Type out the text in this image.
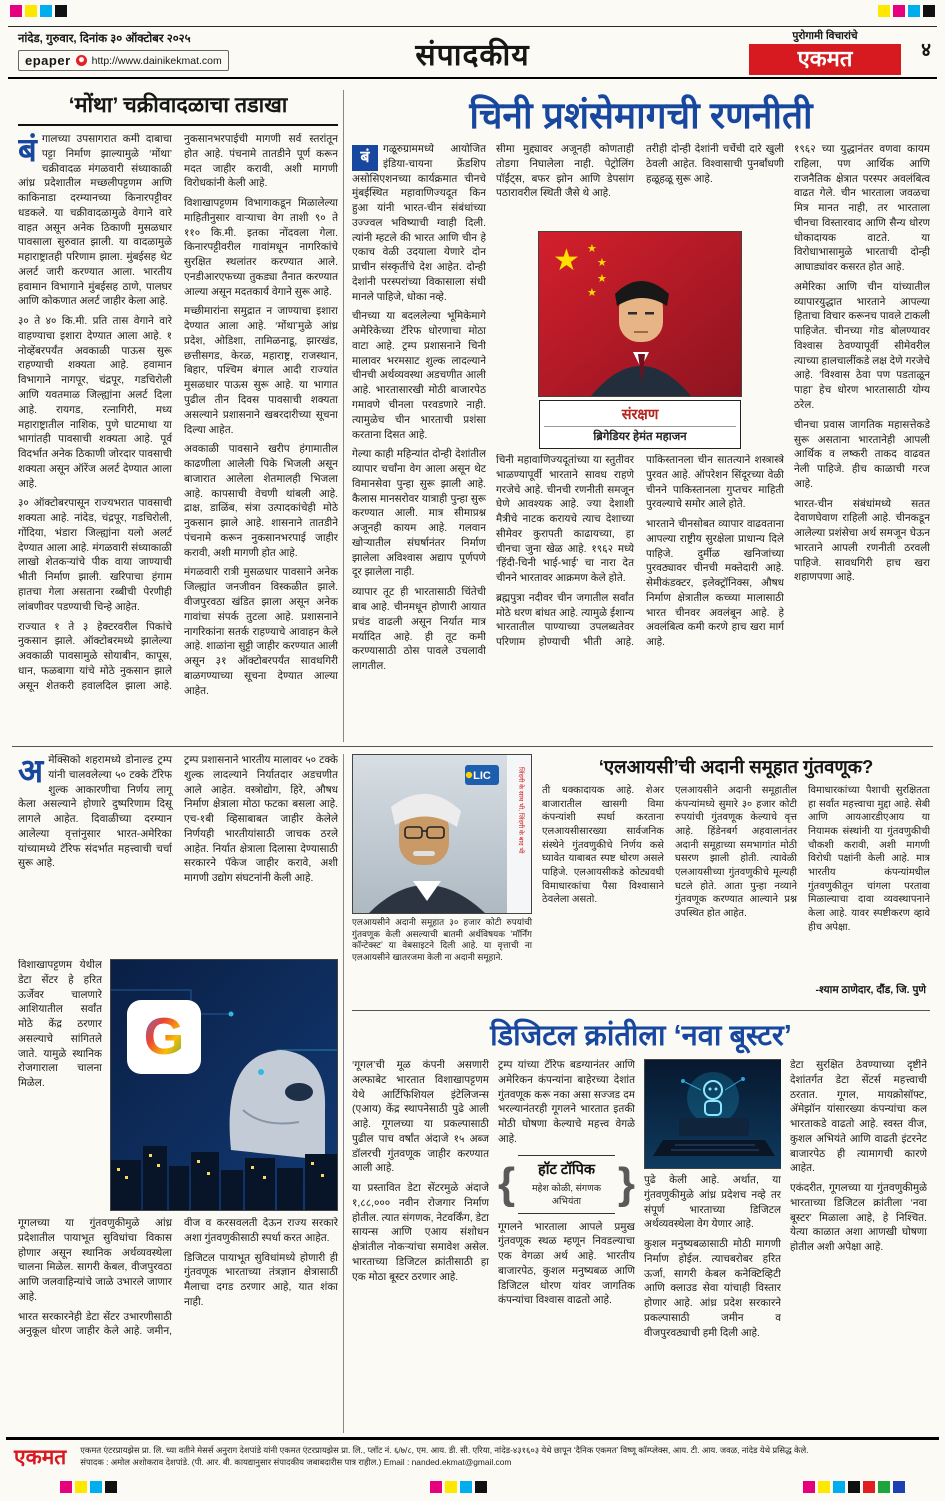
नांदेड, गुरुवार, दिनांक ३० ऑक्टोबर २०२५
epaper http://www.dainikekmat.com	संपादकीय
पुरोगामी विचारांचे
एकमत	४
‘मोंथा’ चक्रीवादळाचा तडाखा
बं गालच्या उपसागरात कमी दाबाचा पट्टा निर्माण झाल्यामुळे ‘मोंथा’ चक्रीवादळ मंगळवारी संध्याकाळी आंध्र प्रदेशातील मच्छलीपट्टणम आणि काकिनाडा दरम्यानच्या किनारपट्टीवर धडकले. या चक्रीवादळामुळे वेगाने वारे वाहत असून अनेक ठिकाणी मुसळधार पावसाला सुरुवात झाली. या वादळामुळे महाराष्ट्रातही परिणाम झाला. मुंबईसह थेट अलर्ट जारी करण्यात आला. भारतीय हवामान विभागाने मुंबईसह ठाणे, पालघर आणि कोकणात अलर्ट जाहीर केला आहे.

३० ते ४० कि.मी. प्रति तास वेगाने वारे वाहण्याचा इशारा देण्यात आला आहे. १ नोव्हेंबरपर्यंत अवकाळी पाऊस सुरू राहण्याची शक्यता आहे. हवामान विभागाने नागपूर, चंद्रपूर, गडचिरोली आणि यवतमाळ जिल्ह्यांना अलर्ट दिला आहे. रायगड, रत्नागिरी, मध्य महाराष्ट्रातील नाशिक, पुणे घाटमाथा या भागांतही पावसाची शक्यता आहे. पूर्व विदर्भात अनेक ठिकाणी जोरदार पावसाची शक्यता असून ऑरेंज अलर्ट देण्यात आला आहे.

३० ऑक्टोबरपासून राज्यभरात पावसाची शक्यता आहे. नांदेड, चंद्रपूर, गडचिरोली, गोंदिया, भंडारा जिल्ह्यांना यलो अलर्ट देण्यात आला आहे. मंगळवारी संध्याकाळी लाखो शेतकऱ्यांचे पीक वाया जाण्याची भीती निर्माण झाली. खरिपाचा हंगाम हातचा गेला असताना रब्बीची पेरणीही लांबणीवर पडण्याची चिन्हे आहेत.

राज्यात १ ते ३ हेक्टरवरील पिकांचे नुकसान झाले. ऑक्टोबरमध्ये झालेल्या अवकाळी पावसामुळे सोयाबीन, कापूस, धान, फळबागा यांचे मोठे नुकसान झाले असून शेतकरी हवालदिल झाला आहे. नुकसानभरपाईची मागणी सर्व स्तरांतून होत आहे. पंचनामे तातडीने पूर्ण करून मदत जाहीर करावी, अशी मागणी विरोधकांनी केली आहे.

विशाखापट्टणम विभागाकडून मिळालेल्या माहितीनुसार वाऱ्याचा वेग ताशी ९० ते ११० कि.मी. इतका नोंदवला गेला. किनारपट्टीवरील गावांमधून नागरिकांचे सुरक्षित स्थलांतर करण्यात आले. एनडीआरएफच्या तुकड्या तैनात करण्यात आल्या असून मदतकार्य वेगाने सुरू आहे.

मच्छीमारांना समुद्रात न जाण्याचा इशारा देण्यात आला आहे. ‘मोंथा’मुळे आंध्र प्रदेश, ओडिशा, तामिळनाडू, झारखंड, छत्तीसगड, केरळ, महाराष्ट्र, राजस्थान, बिहार, पश्चिम बंगाल आदी राज्यांत मुसळधार पाऊस सुरू आहे. या भागात पुढील तीन दिवस पावसाची शक्यता असल्याने प्रशासनाने खबरदारीच्या सूचना दिल्या आहेत.

अवकाळी पावसाने खरीप हंगामातील काढणीला आलेली पिके भिजली असून बाजारात आलेला शेतमालही भिजला आहे. कापसाची वेचणी थांबली आहे. द्राक्ष, डाळिंब, संत्रा उत्पादकांचेही मोठे नुकसान झाले आहे. शासनाने तातडीने पंचनामे करून नुकसानभरपाई जाहीर करावी, अशी मागणी होत आहे.

मंगळवारी रात्री मुसळधार पावसाने अनेक जिल्ह्यांत जनजीवन विस्कळीत झाले. वीजपुरवठा खंडित झाला असून अनेक गावांचा संपर्क तुटला आहे. प्रशासनाने नागरिकांना सतर्क राहण्याचे आवाहन केले आहे. शाळांना सुट्टी जाहीर करण्यात आली असून ३१ ऑक्टोबरपर्यंत सावधगिरी बाळगण्याच्या सूचना देण्यात आल्या आहेत.

चिनी प्रशंसेमागची रणनीती
बं	गळूरुग्राममध्ये आयोजित इंडिया-चायना फ्रेंडशिप असोसिएशनच्या कार्यक्रमात चीनचे मुंबईस्थित महावाणिज्यदूत किन हुआ यांनी भारत-चीन संबंधांच्या उज्ज्वल भविष्याची ग्वाही दिली. त्यांनी म्हटले की भारत आणि चीन हे एकाच वेळी उदयाला येणारे दोन प्राचीन संस्कृतींचे देश आहेत. दोन्ही देशांनी परस्परांच्या विकासाला संधी मानले पाहिजे, धोका नव्हे.

चीनच्या या बदललेल्या भूमिकेमागे अमेरिकेच्या टॅरिफ धोरणाचा मोठा वाटा आहे. ट्रम्प प्रशासनाने चिनी मालावर भरमसाट शुल्क लादल्याने चीनची अर्थव्यवस्था अडचणीत आली आहे. भारतासारखी मोठी बाजारपेठ गमावणे चीनला परवडणारे नाही. त्यामुळेच चीन भारताची प्रशंसा करताना दिसत आहे.

गेल्या काही महिन्यांत दोन्ही देशांतील व्यापार चर्चांना वेग आला असून थेट विमानसेवा पुन्हा सुरू झाली आहे. कैलास मानसरोवर यात्राही पुन्हा सुरू करण्यात आली. मात्र सीमाप्रश्न अजूनही कायम आहे. गलवान खोऱ्यातील संघर्षानंतर निर्माण झालेला अविश्वास अद्याप पूर्णपणे दूर झालेला नाही.

व्यापार तूट ही भारतासाठी चिंतेची बाब आहे. चीनमधून होणारी आयात प्रचंड वाढली असून निर्यात मात्र मर्यादित आहे. ही तूट कमी करण्यासाठी ठोस पावले उचलावी लागतील.

सीमा मुद्द्यावर अजूनही कोणताही तोडगा निघालेला नाही. पेट्रोलिंग पॉईंट्स, बफर झोन आणि डेपसांग पठारावरील स्थिती जैसे थे आहे.

तरीही दोन्ही देशांनी चर्चेची दारे खुली ठेवली आहेत. विश्वासाची पुनर्बांधणी हळूहळू सुरू आहे.

★ ★
★
★
★
संरक्षण
ब्रिगेडियर हेमंत महाजन

चिनी महावाणिज्यदूतांच्या या स्तुतीवर भाळण्यापूर्वी भारताने सावध राहणे गरजेचे आहे. चीनची रणनीती समजून घेणे आवश्यक आहे. ज्या देशाशी मैत्रीचे नाटक करायचे त्याच देशाच्या सीमेवर कुरापती काढायच्या, हा चीनचा जुना खेळ आहे. १९६२ मध्ये ‘हिंदी-चिनी भाई-भाई’ चा नारा देत चीनने भारतावर आक्रमण केले होते.

ब्रह्मपुत्रा नदीवर चीन जगातील सर्वांत मोठे धरण बांधत आहे. त्यामुळे ईशान्य भारतातील पाण्याच्या उपलब्धतेवर परिणाम होण्याची भीती आहे. पाकिस्तानला चीन सातत्याने शस्त्रास्त्रे पुरवत आहे. ऑपरेशन सिंदूरच्या वेळी चीनने पाकिस्तानला गुप्तचर माहिती पुरवल्याचे समोर आले होते.

भारताने चीनसोबत व्यापार वाढवताना आपल्या राष्ट्रीय सुरक्षेला प्राधान्य दिले पाहिजे. दुर्मीळ खनिजांच्या पुरवठ्यावर चीनची मक्तेदारी आहे. सेमीकंडक्टर, इलेक्ट्रॉनिक्स, औषध निर्माण क्षेत्रातील कच्च्या मालासाठी भारत चीनवर अवलंबून आहे. हे अवलंबित्व कमी करणे हाच खरा मार्ग आहे.

१९६२ च्या युद्धानंतर वणवा कायम राहिला, पण आर्थिक आणि राजनैतिक क्षेत्रात परस्पर अवलंबित्व वाढत गेले. चीन भारताला जवळचा मित्र मानत नाही, तर भारताला चीनचा विस्तारवाद आणि सैन्य धोरण धोकादायक वाटते. या विरोधाभासामुळे भारताची दोन्ही आघाड्यांवर कसरत होत आहे.

अमेरिका आणि चीन यांच्यातील व्यापारयुद्धात भारताने आपल्या हिताचा विचार करूनच पावले टाकली पाहिजेत. चीनच्या गोड बोलण्यावर विश्वास ठेवण्यापूर्वी सीमेवरील त्याच्या हालचालींकडे लक्ष देणे गरजेचे आहे. ‘विश्वास ठेवा पण पडताळून पाहा’ हेच धोरण भारतासाठी योग्य ठरेल.

चीनचा प्रवास जागतिक महासत्तेकडे सुरू असताना भारतानेही आपली आर्थिक व लष्करी ताकद वाढवत नेली पाहिजे. हीच काळाची गरज आहे.

भारत-चीन संबंधांमध्ये सतत देवाणघेवाण राहिली आहे. चीनकडून आलेल्या प्रशंसेचा अर्थ समजून घेऊन भारताने आपली रणनीती ठरवली पाहिजे. सावधगिरी हाच खरा शहाणपणा आहे.

अ मेक्सिको शहरामध्ये डोनाल्ड ट्रम्प यांनी चालवलेल्या ५० टक्के टॅरिफ शुल्क आकारणीचा निर्णय लागू केला असल्याने होणारे दुष्परिणाम दिसू लागले आहेत. दिवाळीच्या दरम्यान आलेल्या वृत्तांनुसार भारत-अमेरिका यांच्यामध्ये टॅरिफ संदर्भात महत्त्वाची चर्चा सुरू आहे.

ट्रम्प प्रशासनाने भारतीय मालावर ५० टक्के शुल्क लादल्याने निर्यातदार अडचणीत आले आहेत. वस्त्रोद्योग, हिरे, औषध निर्माण क्षेत्राला मोठा फटका बसला आहे. एच-१बी व्हिसाबाबत जाहीर केलेले निर्णयही भारतीयांसाठी जाचक ठरले आहेत. निर्यात क्षेत्राला दिलासा देण्यासाठी सरकारने पॅकेज जाहीर करावे, अशी मागणी उद्योग संघटनांनी केली आहे.

विशाखापट्टणम येथील डेटा सेंटर हे हरित ऊर्जेवर चालणारे आशियातील सर्वांत मोठे केंद्र ठरणार असल्याचे सांगितले जाते. यामुळे स्थानिक रोजगाराला चालना मिळेल.

G

गूगलच्या या गुंतवणुकीमुळे आंध्र प्रदेशातील पायाभूत सुविधांचा विकास होणार असून स्थानिक अर्थव्यवस्थेला चालना मिळेल. सागरी केबल, वीजपुरवठा आणि जलवाहिन्यांचे जाळे उभारले जाणार आहे.

भारत सरकारनेही डेटा सेंटर उभारणीसाठी अनुकूल धोरण जाहीर केले आहे. जमीन, वीज व करसवलती देऊन राज्य सरकारे अशा गुंतवणुकीसाठी स्पर्धा करत आहेत.

डिजिटल पायाभूत सुविधांमध्ये होणारी ही गुंतवणूक भारताच्या तंत्रज्ञान क्षेत्रासाठी मैलाचा दगड ठरणार आहे, यात शंका नाही.

जिंदगी के साथ भी, जिंदगी के बाद भी
LIC
एलआयसीने अदानी समूहात ३० हजार कोटी रुपयांची गुंतवणूक केली असल्याची बातमी अर्थविषयक ‘मॉर्निंग कॉन्टेक्स्ट’ या वेबसाइटने दिली आहे. या वृत्ताची ना एलआयसीने खातरजमा केली ना अदानी समूहाने.
‘एलआयसी’ची अदानी समूहात गुंतवणूक?

ती धक्कादायक आहे. शेअर बाजारातील खासगी विमा कंपन्यांशी स्पर्धा करताना एलआयसीसारख्या सार्वजनिक संस्थेने गुंतवणुकीचे निर्णय कसे घ्यावेत याबाबत स्पष्ट धोरण असले पाहिजे. एलआयसीकडे कोट्यवधी विमाधारकांचा पैसा विश्वासाने ठेवलेला असतो.

एलआयसीने अदानी समूहातील कंपन्यांमध्ये सुमारे ३० हजार कोटी रुपयांची गुंतवणूक केल्याचे वृत्त आहे. हिंडेनबर्ग अहवालानंतर अदानी समूहाच्या समभागांत मोठी घसरण झाली होती. त्यावेळी एलआयसीच्या गुंतवणुकीचे मूल्यही घटले होते. आता पुन्हा नव्याने गुंतवणूक करण्यात आल्याने प्रश्न उपस्थित होत आहेत.

विमाधारकांच्या पैशाची सुरक्षितता हा सर्वांत महत्त्वाचा मुद्दा आहे. सेबी आणि आयआरडीएआय या नियामक संस्थांनी या गुंतवणुकीची चौकशी करावी, अशी मागणी विरोधी पक्षांनी केली आहे. मात्र भारतीय कंपन्यांमधील गुंतवणुकीतून चांगला परतावा मिळाल्याचा दावा व्यवस्थापनाने केला आहे. यावर स्पष्टीकरण व्हावे हीच अपेक्षा.

-श्याम ठाणेदार, दौंड, जि. पुणे
डिजिटल क्रांतीला ‘नवा बूस्टर’

‘गूगल’ची मूळ कंपनी असणारी अल्फाबेट भारतात विशाखापट्टणम येथे आर्टिफिशियल इंटेलिजन्स (एआय) केंद्र स्थापनेसाठी पुढे आली आहे. गूगलच्या या प्रकल्पासाठी पुढील पाच वर्षांत अंदाजे १५ अब्ज डॉलरची गुंतवणूक जाहीर करण्यात आली आहे.

या प्रस्तावित डेटा सेंटरमुळे अंदाजे १,८८,००० नवीन रोजगार निर्माण होतील. त्यात संगणक, नेटवर्किंग, डेटा सायन्स आणि एआय संशोधन क्षेत्रांतील नोकऱ्यांचा समावेश असेल. भारताच्या डिजिटल क्रांतीसाठी हा एक मोठा बूस्टर ठरणार आहे.

ट्रम्प यांच्या टॅरिफ बडग्यानंतर आणि अमेरिकन कंपन्यांना बाहेरच्या देशांत गुंतवणूक करू नका असा सज्जड दम भरल्यानंतरही गूगलने भारतात इतकी मोठी घोषणा केल्याचे महत्त्व वेगळे आहे.

{	हॉट टॉपिक
महेश कोळी, संगणक अभियंता }

गूगलने भारताला आपले प्रमुख गुंतवणूक स्थळ म्हणून निवडल्याचा एक वेगळा अर्थ आहे. भारतीय बाजारपेठ, कुशल मनुष्यबळ आणि डिजिटल धोरण यांवर जागतिक कंपन्यांचा विश्वास वाढतो आहे.

पुढे केली आहे. अर्थात, या गुंतवणुकीमुळे आंध्र प्रदेशच नव्हे तर संपूर्ण भारताच्या डिजिटल अर्थव्यवस्थेला वेग येणार आहे.

कुशल मनुष्यबळासाठी मोठी मागणी निर्माण होईल. त्याचबरोबर हरित ऊर्जा, सागरी केबल कनेक्टिव्हिटी आणि क्लाउड सेवा यांचाही विस्तार होणार आहे. आंध्र प्रदेश सरकारने प्रकल्पासाठी जमीन व वीजपुरवठ्याची हमी दिली आहे.

डेटा सुरक्षित ठेवण्याच्या दृष्टीने देशांतर्गत डेटा सेंटर्स महत्त्वाची ठरतात. गूगल, मायक्रोसॉफ्ट, ॲमेझॉन यांसारख्या कंपन्यांचा कल भारताकडे वाढतो आहे. स्वस्त वीज, कुशल अभियंते आणि वाढती इंटरनेट बाजारपेठ ही त्यामागची कारणे आहेत.

एकंदरीत, गूगलच्या या गुंतवणुकीमुळे भारताच्या डिजिटल क्रांतीला ‘नवा बूस्टर’ मिळाला आहे, हे निश्चित. येत्या काळात अशा आणखी घोषणा होतील अशी अपेक्षा आहे.

एकमत एकमत एंटरप्रायझेस प्रा. लि. च्या वतीने मेसर्स अनुराग देशपांडे यांनी एकमत एंटरप्रायझेस प्रा. लि., प्लॉट नं. ६/७/८, एम. आय. डी. सी. एरिया, नांदेड-४३१६०३ येथे छापून ‘दैनिक एकमत’ विष्णू कॉम्प्लेक्स, आय. टी. आय. जवळ, नांदेड येथे प्रसिद्ध केले.
संपादक : अमोल अशोकराव देशपांडे. (पी. आर. बी. कायद्यानुसार संपादकीय जबाबदारीस पात्र राहील.) Email : nanded.ekmat@gmail.com
